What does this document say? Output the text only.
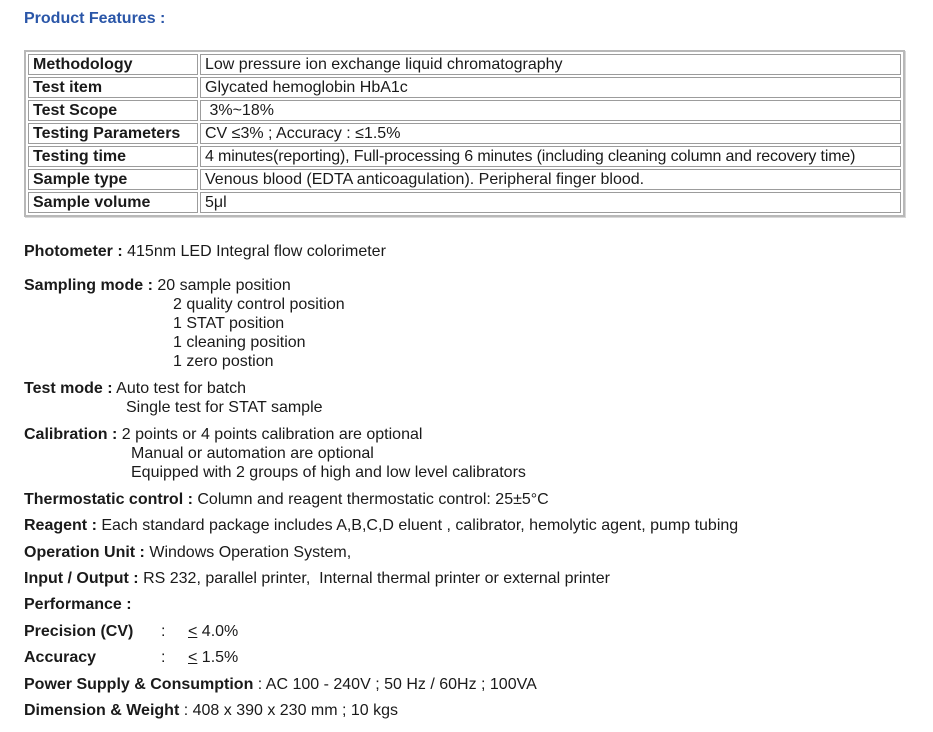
Product Features :
Methodology	Low pressure ion exchange liquid chromatography
Test item	Glycated hemoglobin HbA1c
Test Scope	3%~18%
Testing Parameters	CV ≤3% ; Accuracy : ≤1.5%
Testing time	4 minutes(reporting), Full-processing 6 minutes (including cleaning column and recovery time)
Sample type	Venous blood (EDTA anticoagulation). Peripheral finger blood.
Sample volume	5μl
Photometer : 415nm LED Integral flow colorimeter
Sampling mode : 20 sample position
2 quality control position
1 STAT position
1 cleaning position
1 zero postion
Test mode : Auto test for batch
Single test for STAT sample
Calibration : 2 points or 4 points calibration are optional
Manual or automation are optional
Equipped with 2 groups of high and low level calibrators
Thermostatic control : Column and reagent thermostatic control: 25±5°C
Reagent : Each standard package includes A,B,C,D eluent , calibrator, hemolytic agent, pump tubing
Operation Unit : Windows Operation System,
Input / Output : RS 232, parallel printer,  Internal thermal printer or external printer
Performance :
Precision (CV) : < 4.0%
Accuracy	: < 1.5%
Power Supply & Consumption : AC 100 - 240V ; 50 Hz / 60Hz ; 100VA
Dimension & Weight : 408 x 390 x 230 mm ; 10 kgs
